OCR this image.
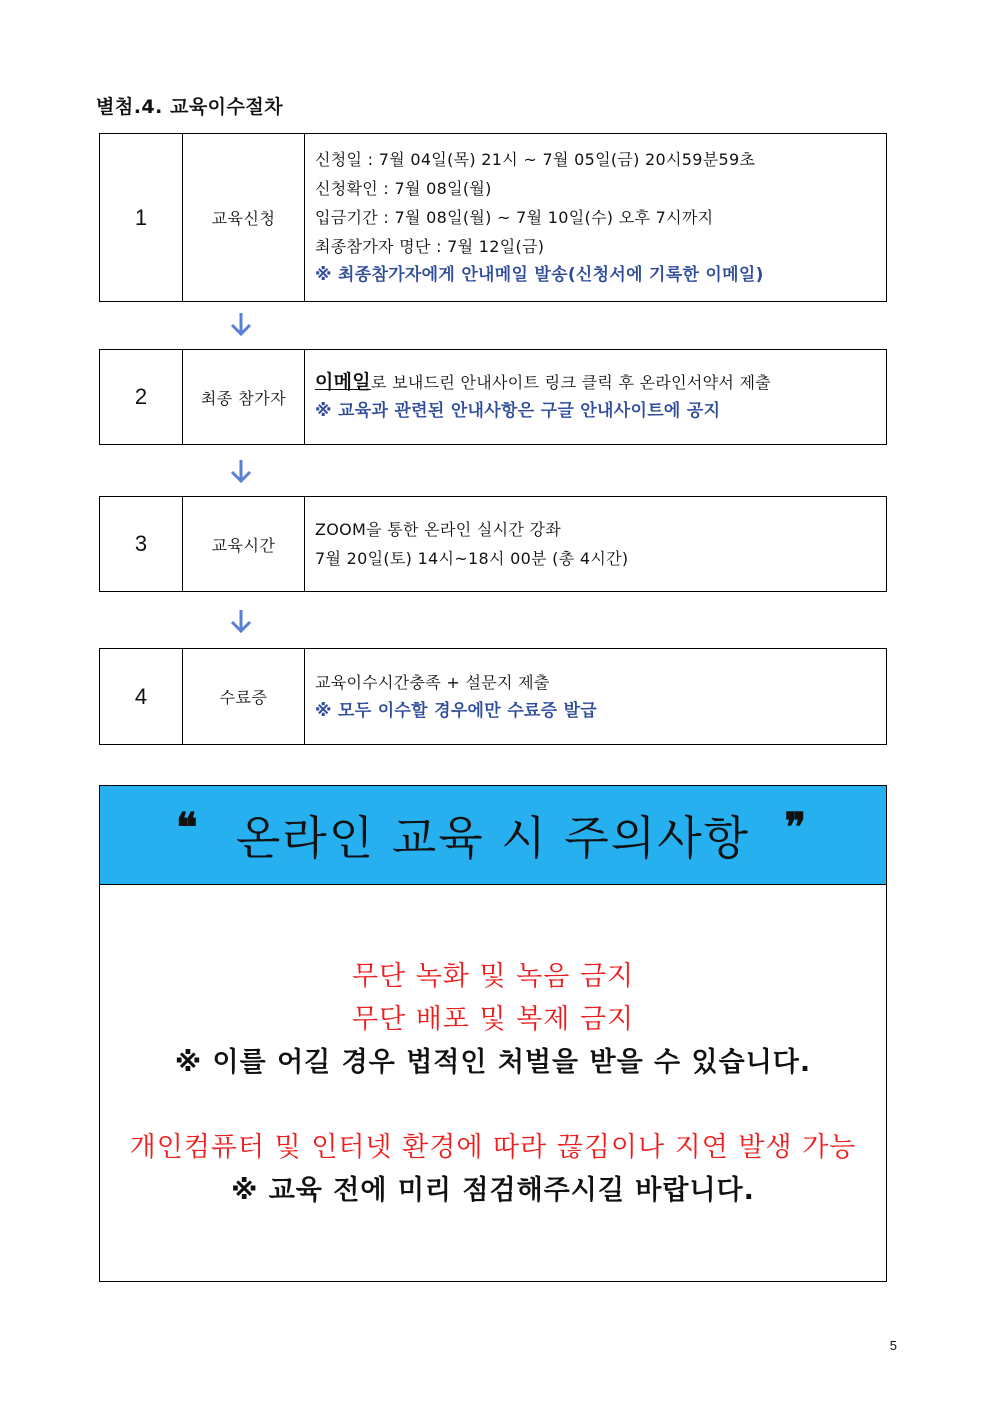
별첨.4. 교육이수절차
1	교육신청
신청일 : 7월 04일(목) 21시 ~ 7월 05일(금) 20시59분59초
신청확인 : 7월 08일(월)
입금기간 : 7월 08일(월) ~ 7월 10일(수) 오후 7시까지
최종참가자 명단 : 7월 12일(금)
※ 최종참가자에게 안내메일 발송(신청서에 기록한 이메일)
2	최종 참가자
이메일로 보내드린 안내사이트 링크 클릭 후 온라인서약서 제출
※ 교육과 관련된 안내사항은 구글 안내사이트에 공지
3	교육시간
ZOOM을 통한 온라인 실시간 강좌
7월 20일(토) 14시~18시 00분 (총 4시간)
4	수료증
교육이수시간충족 + 설문지 제출
※ 모두 이수할 경우에만 수료증 발급
❝ 온라인 교육 시 주의사항 ❞
무단 녹화 및 녹음 금지
무단 배포 및 복제 금지
※ 이를 어길 경우 법적인 처벌을 받을 수 있습니다.
개인컴퓨터 및 인터넷 환경에 따라 끊김이나 지연 발생 가능
※ 교육 전에 미리 점검해주시길 바랍니다.
5
